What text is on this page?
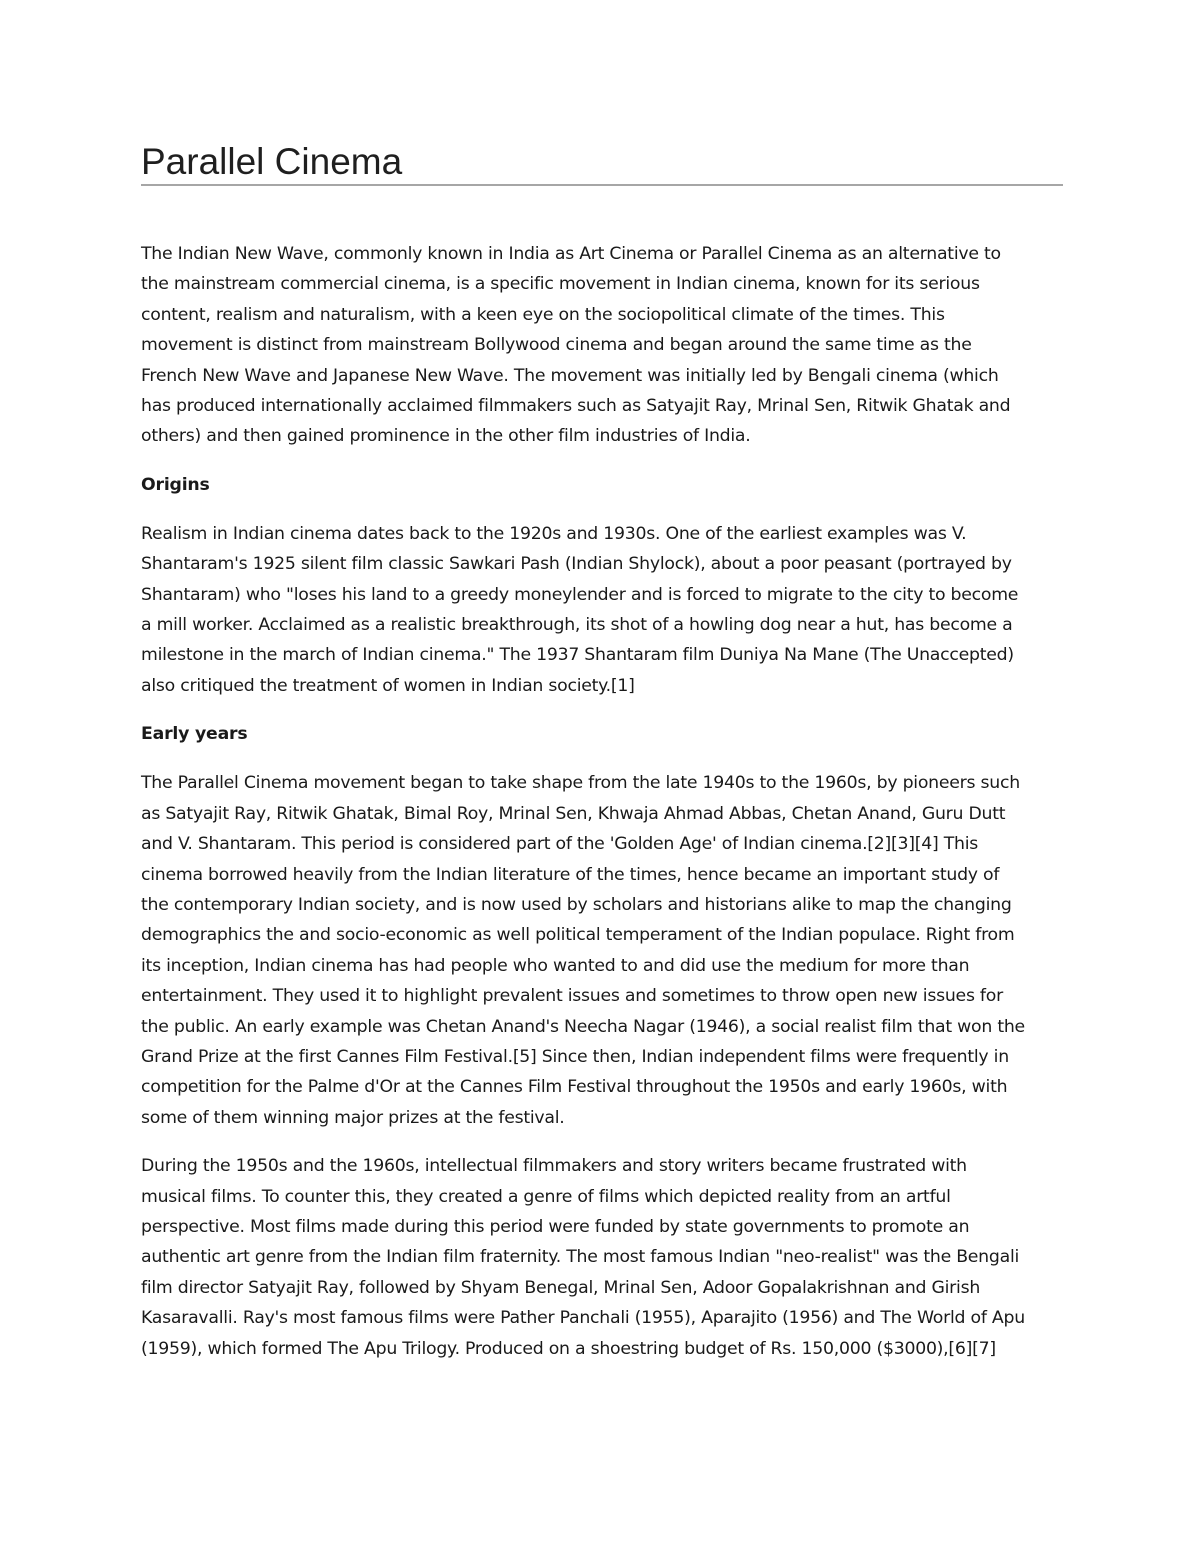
Parallel Cinema

The Indian New Wave, commonly known in India as Art Cinema or Parallel Cinema as an alternative to
the mainstream commercial cinema, is a specific movement in Indian cinema, known for its serious
content, realism and naturalism, with a keen eye on the sociopolitical climate of the times. This
movement is distinct from mainstream Bollywood cinema and began around the same time as the
French New Wave and Japanese New Wave. The movement was initially led by Bengali cinema (which
has produced internationally acclaimed filmmakers such as Satyajit Ray, Mrinal Sen, Ritwik Ghatak and
others) and then gained prominence in the other film industries of India.

Origins

Realism in Indian cinema dates back to the 1920s and 1930s. One of the earliest examples was V.
Shantaram's 1925 silent film classic Sawkari Pash (Indian Shylock), about a poor peasant (portrayed by
Shantaram) who "loses his land to a greedy moneylender and is forced to migrate to the city to become
a mill worker. Acclaimed as a realistic breakthrough, its shot of a howling dog near a hut, has become a
milestone in the march of Indian cinema." The 1937 Shantaram film Duniya Na Mane (The Unaccepted)
also critiqued the treatment of women in Indian society.[1]

Early years

The Parallel Cinema movement began to take shape from the late 1940s to the 1960s, by pioneers such
as Satyajit Ray, Ritwik Ghatak, Bimal Roy, Mrinal Sen, Khwaja Ahmad Abbas, Chetan Anand, Guru Dutt
and V. Shantaram. This period is considered part of the 'Golden Age' of Indian cinema.[2][3][4] This
cinema borrowed heavily from the Indian literature of the times, hence became an important study of
the contemporary Indian society, and is now used by scholars and historians alike to map the changing
demographics the and socio-economic as well political temperament of the Indian populace. Right from
its inception, Indian cinema has had people who wanted to and did use the medium for more than
entertainment. They used it to highlight prevalent issues and sometimes to throw open new issues for
the public. An early example was Chetan Anand's Neecha Nagar (1946), a social realist film that won the
Grand Prize at the first Cannes Film Festival.[5] Since then, Indian independent films were frequently in
competition for the Palme d'Or at the Cannes Film Festival throughout the 1950s and early 1960s, with
some of them winning major prizes at the festival.

During the 1950s and the 1960s, intellectual filmmakers and story writers became frustrated with
musical films. To counter this, they created a genre of films which depicted reality from an artful
perspective. Most films made during this period were funded by state governments to promote an
authentic art genre from the Indian film fraternity. The most famous Indian "neo-realist" was the Bengali
film director Satyajit Ray, followed by Shyam Benegal, Mrinal Sen, Adoor Gopalakrishnan and Girish
Kasaravalli. Ray's most famous films were Pather Panchali (1955), Aparajito (1956) and The World of Apu
(1959), which formed The Apu Trilogy. Produced on a shoestring budget of Rs. 150,000 ($3000),[6][7]
